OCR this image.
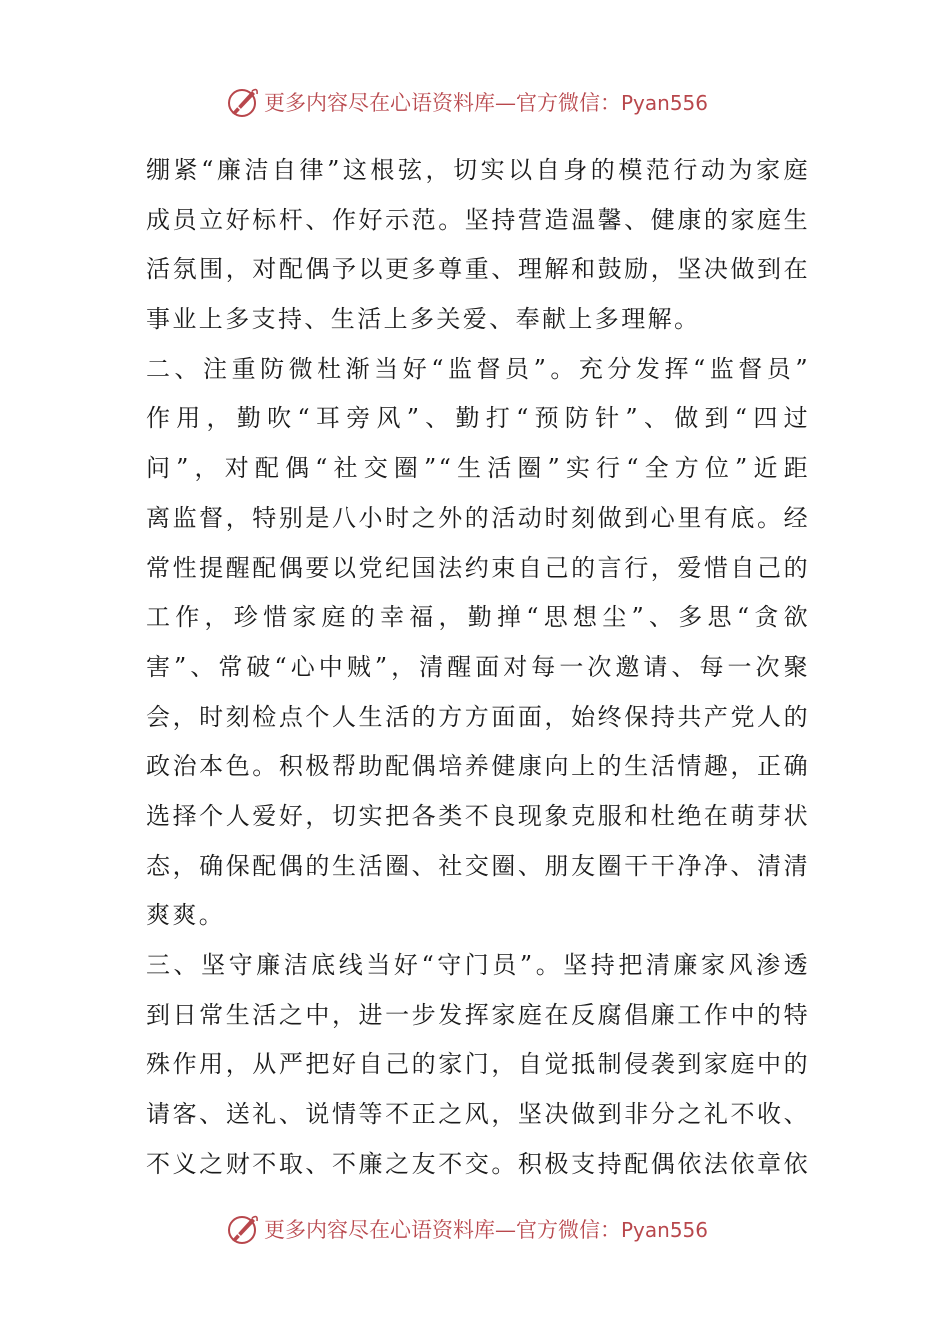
更多内容尽在心语资料库—官方微信：Pyan556
绷紧“廉洁自律”这根弦，切实以自身的模范行动为家庭
成员立好标杆、作好示范。坚持营造温馨、健康的家庭生
活氛围，对配偶予以更多尊重、理解和鼓励，坚决做到在
事业上多支持、生活上多关爱、奉献上多理解。
二、注重防微杜渐当好“监督员”。充分发挥“监督员”
作用，勤吹“耳旁风”、勤打“预防针”、做到“四过
问”，对配偶“社交圈”“生活圈”实行“全方位”近距
离监督，特别是八小时之外的活动时刻做到心里有底。经
常性提醒配偶要以党纪国法约束自己的言行，爱惜自己的
工作，珍惜家庭的幸福，勤掸“思想尘”、多思“贪欲
害”、常破“心中贼”，清醒面对每一次邀请、每一次聚
会，时刻检点个人生活的方方面面，始终保持共产党人的
政治本色。积极帮助配偶培养健康向上的生活情趣，正确
选择个人爱好，切实把各类不良现象克服和杜绝在萌芽状
态，确保配偶的生活圈、社交圈、朋友圈干干净净、清清
爽爽。
三、坚守廉洁底线当好“守门员”。坚持把清廉家风渗透
到日常生活之中，进一步发挥家庭在反腐倡廉工作中的特
殊作用，从严把好自己的家门，自觉抵制侵袭到家庭中的
请客、送礼、说情等不正之风，坚决做到非分之礼不收、
不义之财不取、不廉之友不交。积极支持配偶依法依章依
更多内容尽在心语资料库—官方微信：Pyan556
